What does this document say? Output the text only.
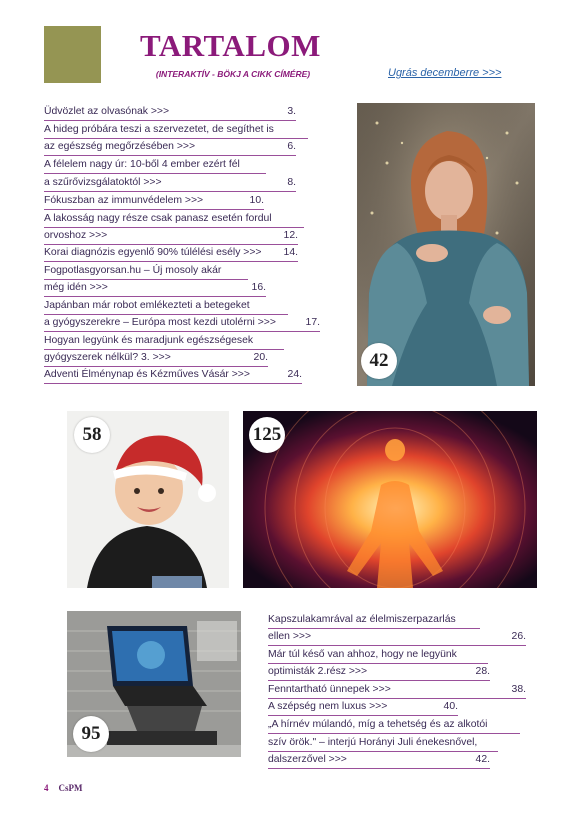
TARTALOM
(INTERAKTÍV - BÖKJ A CIKK CÍMÉRE)	Ugrás decemberre >>>
Üdvözlet az olvasónak >>>	3.
A hideg próbára teszi a szervezetet, de segíthet is
az egészség megőrzésében >>>	6.
A félelem nagy úr: 10-ből 4 ember ezért fél
a szűrővizsgálatoktól >>>	8.
Fókuszban az immunvédelem >>>	10.
A lakosság nagy része csak panasz esetén fordul
orvoshoz >>>	12.
Korai diagnózis egyenlő 90% túlélési esély >>> 14.
Fogpotlasgyorsan.hu – Új mosoly akár
még idén >>>	16.
Japánban már robot emlékezteti a betegeket
a gyógyszerekre – Európa most kezdi utolérni >>>	17.
Hogyan legyünk és maradjunk egészségesek
gyógyszerek nélkül? 3. >>>	20.
Adventi Élménynap és Kézműves Vásár >>>	24.
42
58	125
95
Kapszulakamrával az élelmiszerpazarlás
ellen >>>	26.
Már túl késő van ahhoz, hogy ne legyünk
optimisták 2.rész >>>	28.
Fenntartható ünnepek >>>	38.
A szépség nem luxus >>>	40.
„A hírnév múlandó, míg a tehetség és az alkotói
szív örök." – interjú Horányi Juli énekesnővel,
dalszerzővel >>>	42.
4 CsPM
